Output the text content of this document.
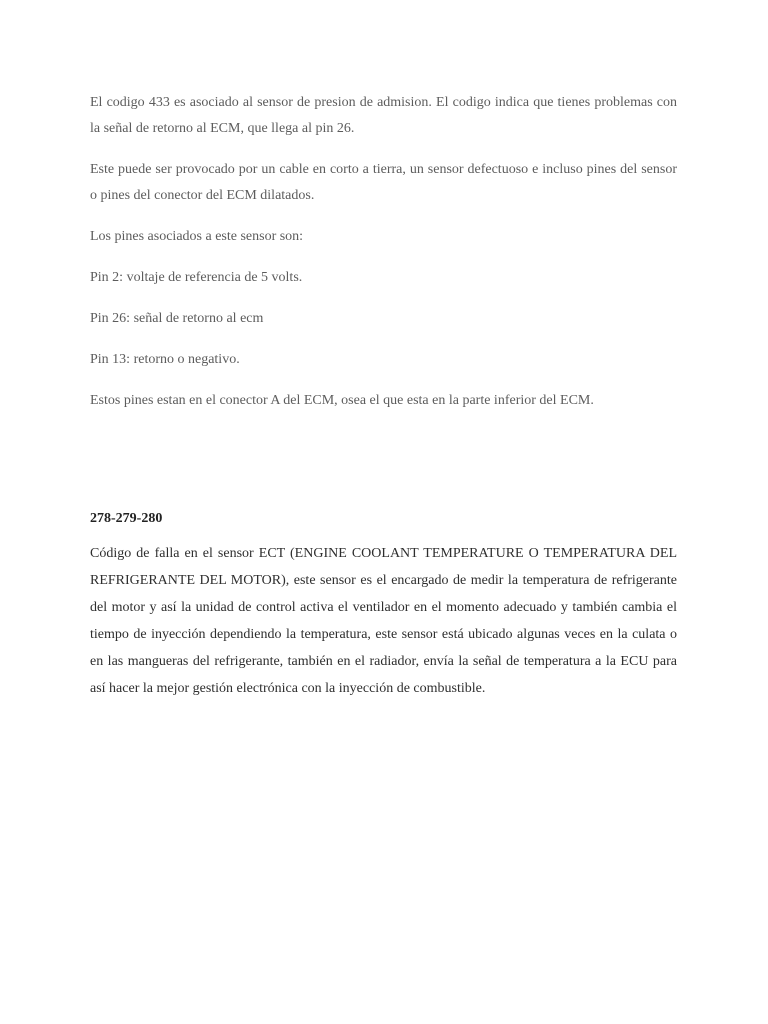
El codigo 433 es asociado al sensor de presion de admision. El codigo indica que tienes problemas con la señal de retorno al ECM, que llega al pin 26.

Este puede ser provocado por un cable en corto a tierra, un sensor defectuoso e incluso pines del sensor o pines del conector del ECM dilatados.

Los pines asociados a este sensor son:

Pin 2: voltaje de referencia de 5 volts.

Pin 26: señal de retorno al ecm

Pin 13: retorno o negativo.

Estos pines estan en el conector A del ECM, osea el que esta en la parte inferior del ECM.

278-279-280

Código de falla en el sensor ECT (ENGINE COOLANT TEMPERATURE O TEMPERATURA DEL REFRIGERANTE DEL MOTOR), este sensor es el encargado de medir la temperatura de refrigerante del motor y así la unidad de control activa el ventilador en el momento adecuado y también cambia el tiempo de inyección dependiendo la temperatura, este sensor está ubicado algunas veces en la culata o en las mangueras del refrigerante, también en el radiador, envía la señal de temperatura a la ECU para así hacer la mejor gestión electrónica con la inyección de combustible.
